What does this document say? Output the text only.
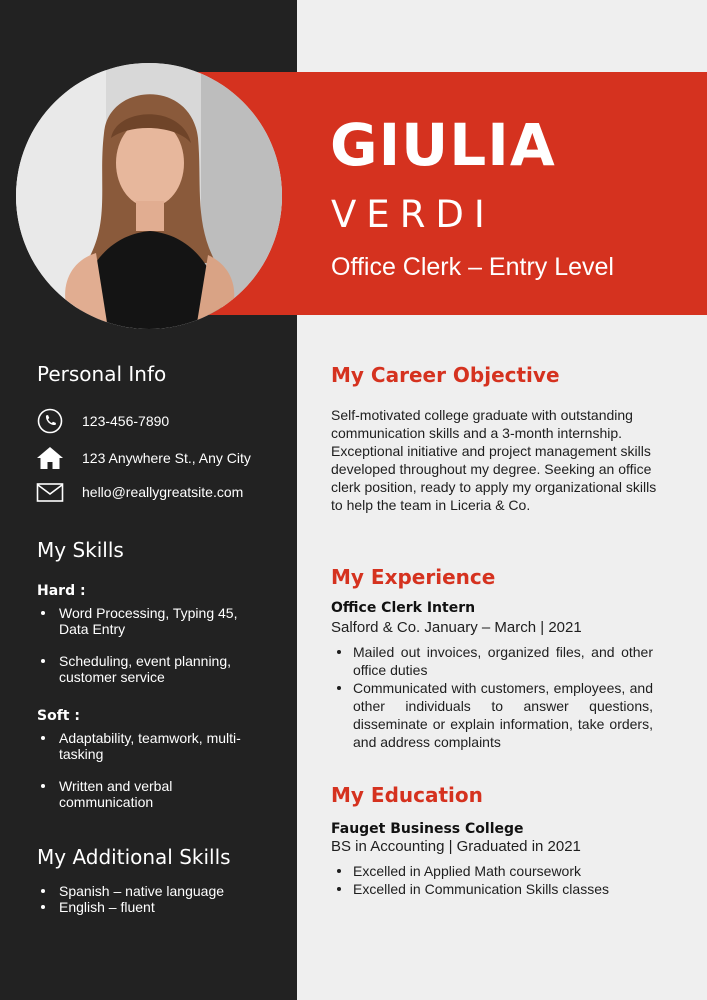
GIULIA
VERDI
Office Clerk – Entry Level
Personal Info
123-456-7890
123 Anywhere St., Any City
hello@reallygreatsite.com
My Skills
Hard :
Word Processing, Typing 45, Data Entry
Scheduling, event planning, customer service
Soft :
Adaptability, teamwork, multi-tasking
Written and verbal communication
My Additional Skills
Spanish – native language
English – fluent
My Career Objective

Self-motivated college graduate with outstanding communication skills and a 3-month internship. Exceptional initiative and project management skills developed throughout my degree. Seeking an office clerk position, ready to apply my organizational skills to help the team in Liceria & Co.

My Experience
Office Clerk Intern
Salford & Co. January – March | 2021
Mailed out invoices, organized files, and other office duties
Communicated with customers, employees, and other individuals to answer questions, disseminate or explain information, take orders, and address complaints
My Education
Fauget Business College
BS in Accounting | Graduated in 2021
Excelled in Applied Math coursework
Excelled in Communication Skills classes
